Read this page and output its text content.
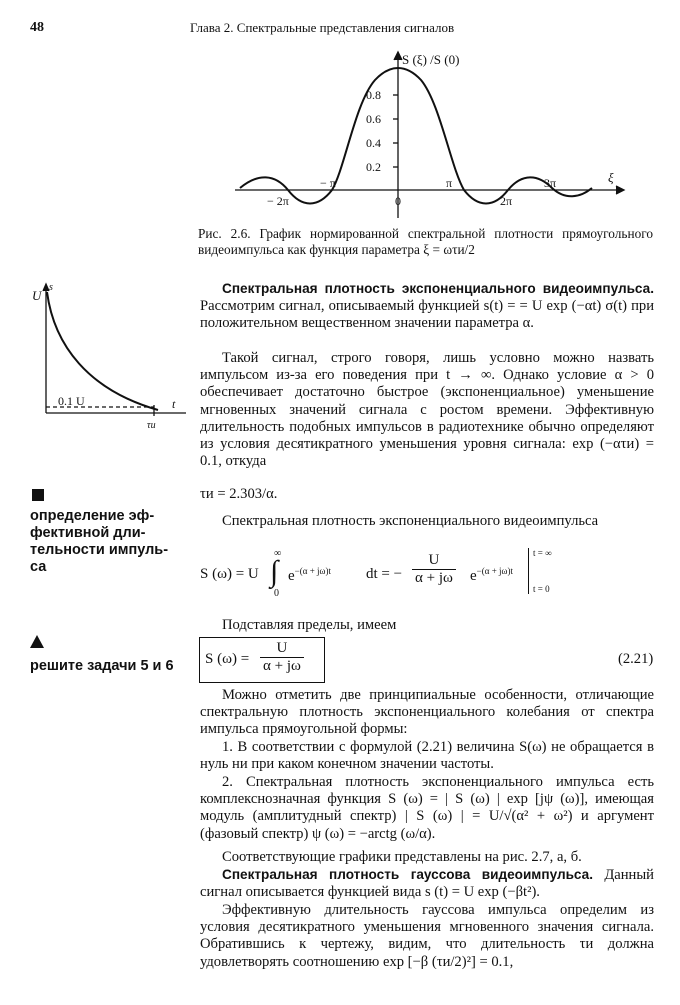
48	Глава 2. Спектральные представления сигналов
S (ξ) /S (0)
0.8
0.6
0.4
0.2
0
− π	π	3π
− 2π	2π
ξ
Рис. 2.6. График нормированной спектральной плотности прямоугольного видеоимпульса как функция параметра ξ = ωτи/2
U
s
0.1 U	t
τи
определение эф-
фективной дли-
тельности импуль-
са
решите задачи 5 и 6
Спектральная плотность экспоненциального видеоимпульса. Рассмотрим сигнал, описываемый функцией s(t) = = U exp (−αt) σ(t) при положительном вещественном значении параметра α.
Такой сигнал, строго говоря, лишь условно можно назвать импульсом из-за его поведения при t → ∞. Однако условие α > 0 обеспечивает достаточно быстрое (экспоненциальное) уменьшение мгновенных значений сигнала с ростом времени. Эффективную длительность подобных импульсов в радиотехнике обычно определяют из условия десятикратного уменьшения уровня сигнала: exp (−ατи) = 0.1, откуда
τи = 2.303/α.
Спектральная плотность экспоненциального видеоимпульса
S (ω) = U ∫
∞
0
$e^{-(\alpha + j\omega)t}$ dt = − $\frac{U}{\alpha + j\omega} e^{-(\alpha + j\omega)t}$
t = ∞
t = 0
Подставляя пределы, имеем
S $(\omega) = \frac{U}{\alpha + j\omega}$	(2.21)
Можно отметить две принципиальные особенности, отличающие спектральную плотность экспоненциального колебания от спектра импульса прямоугольной формы:
1. В соответствии с формулой (2.21) величина S(ω) не обращается в нуль ни при каком конечном значении частоты.
2. Спектральная плотность экспоненциального импульса есть комплекснозначная функция S (ω) = | S (ω) | exp [jψ (ω)], имеющая модуль (амплитудный спектр) | S (ω) | = U/√(α² + ω²) и аргумент (фазовый спектр) ψ (ω) = −arctg (ω/α).
Соответствующие графики представлены на рис. 2.7, а, б.
Спектральная плотность гауссова видеоимпульса. Данный сигнал описывается функцией вида s (t) = U exp (−βt²).
Эффективную длительность гауссова импульса определим из условия десятикратного уменьшения мгновенного значения сигнала. Обратившись к чертежу, видим, что длительность τи должна удовлетворять соотношению exp [−β (τи/2)²] = 0.1,
